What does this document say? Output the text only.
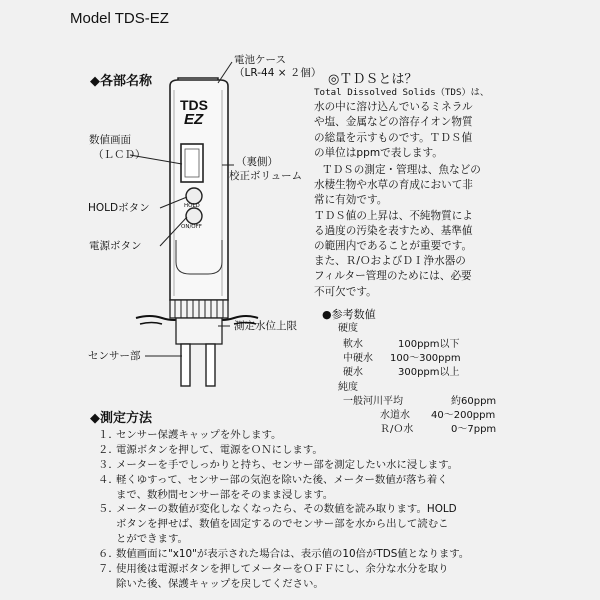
Model TDS-EZ
◆各部名称
TDS
EZ
HOLD
ON/OFF
電池ケース
（LR-44 × ２個）
数値画面
（ＬＣＤ）
（裏側）
校正ボリューム
HOLDボタン
電源ボタン
測定水位上限
センサー部
◎ＴＤＳとは？
Total Dissolved Solids（TDS）は、
水の中に溶け込んでいるミネラル
や塩、金属などの溶存イオン物質
の総量を示すものです。ＴＤＳ値
の単位はppmで表します。
ＴＤＳの測定・管理は、魚などの
水棲生物や水草の育成において非
常に有効です。
ＴＤＳ値の上昇は、不純物質によ
る過度の汚染を表すため、基準値
の範囲内であることが重要です。
また、Ｒ/ＯおよびＤＩ浄水器の
フィルター管理のためには、必要
不可欠です。
●参考数値
硬度
軟水	100ppm以下
中硬水 100～300ppm
硬水	300ppm以上
純度
一般河川平均	約60ppm
水道水 40～200ppm
Ｒ/Ｏ水	0～7ppm
◆測定方法
１．センサー保護キャップを外します。
２．電源ボタンを押して、電源をＯＮにします。
３．メーターを手でしっかりと持ち、センサー部を測定したい水に浸します。
４．軽くゆすって、センサー部の気泡を除いた後、メーター数値が落ち着く
まで、数秒間センサー部をそのまま浸します。
５．メーターの数値が変化しなくなったら、その数値を読み取ります。HOLD
ボタンを押せば、数値を固定するのでセンサー部を水から出して読むこ
とができます。
６．数値画面に"x10"が表示された場合は、表示値の10倍がTDS値となります。
７．使用後は電源ボタンを押してメーターをＯＦＦにし、余分な水分を取り
除いた後、保護キャップを戻してください。
